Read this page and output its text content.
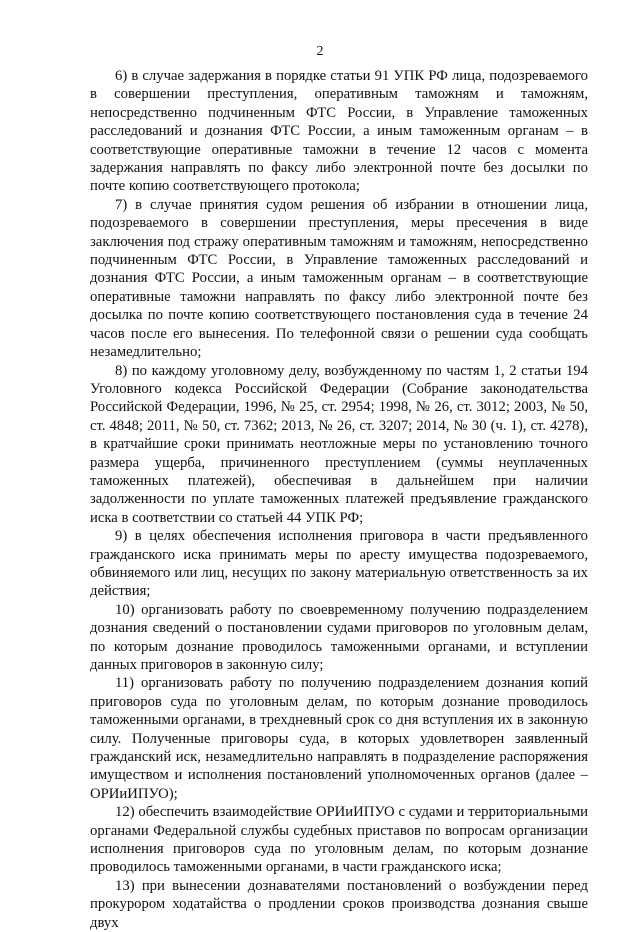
2

6) в случае задержания в порядке статьи 91 УПК РФ лица, подозреваемого в совершении преступления, оперативным таможням и таможням, непосредственно подчиненным ФТС России, в Управление таможенных расследований и дознания ФТС России, а иным таможенным органам – в соответствующие оперативные таможни в течение 12 часов с момента задержания направлять по факсу либо электронной почте без досылки по почте копию соответствующего протокола;

7) в случае принятия судом решения об избрании в отношении лица, подозреваемого в совершении преступления, меры пресечения в виде заключения под стражу оперативным таможням и таможням, непосредственно подчиненным ФТС России, в Управление таможенных расследований и дознания ФТС России, а иным таможенным органам – в соответствующие оперативные таможни направлять по факсу либо электронной почте без досылка по почте копию соответствующего постановления суда в течение 24 часов после его вынесения. По телефонной связи о решении суда сообщать незамедлительно;

8) по каждому уголовному делу, возбужденному по частям 1, 2 статьи 194 Уголовного кодекса Российской Федерации (Собрание законодательства Российской Федерации, 1996, № 25, ст. 2954; 1998, № 26, ст. 3012; 2003, № 50, ст. 4848; 2011, № 50, ст. 7362; 2013, № 26, ст. 3207; 2014, № 30 (ч. 1), ст. 4278), в кратчайшие сроки принимать неотложные меры по установлению точного размера ущерба, причиненного преступлением (суммы неуплаченных таможенных платежей), обеспечивая в дальнейшем при наличии задолженности по уплате таможенных платежей предъявление гражданского иска в соответствии со статьей 44 УПК РФ;

9) в целях обеспечения исполнения приговора в части предъявленного гражданского иска принимать меры по аресту имущества подозреваемого, обвиняемого или лиц, несущих по закону материальную ответственность за их действия;

10) организовать работу по своевременному получению подразделением дознания сведений о постановлении судами приговоров по уголовным делам, по которым дознание проводилось таможенными органами, и вступлении данных приговоров в законную силу;

11) организовать работу по получению подразделением дознания копий приговоров суда по уголовным делам, по которым дознание проводилось таможенными органами, в трехдневный срок со дня вступления их в законную силу. Полученные приговоры суда, в которых удовлетворен заявленный гражданский иск, незамедлительно направлять в подразделение распоряжения имуществом и исполнения постановлений уполномоченных органов (далее – ОРИиИПУО);

12) обеспечить взаимодействие ОРИиИПУО с судами и территориальными органами Федеральной службы судебных приставов по вопросам организации исполнения приговоров суда по уголовным делам, по которым дознание проводилось таможенными органами, в части гражданского иска;

13) при вынесении дознавателями постановлений о возбуждении перед прокурором ходатайства о продлении сроков производства дознания свыше двух
